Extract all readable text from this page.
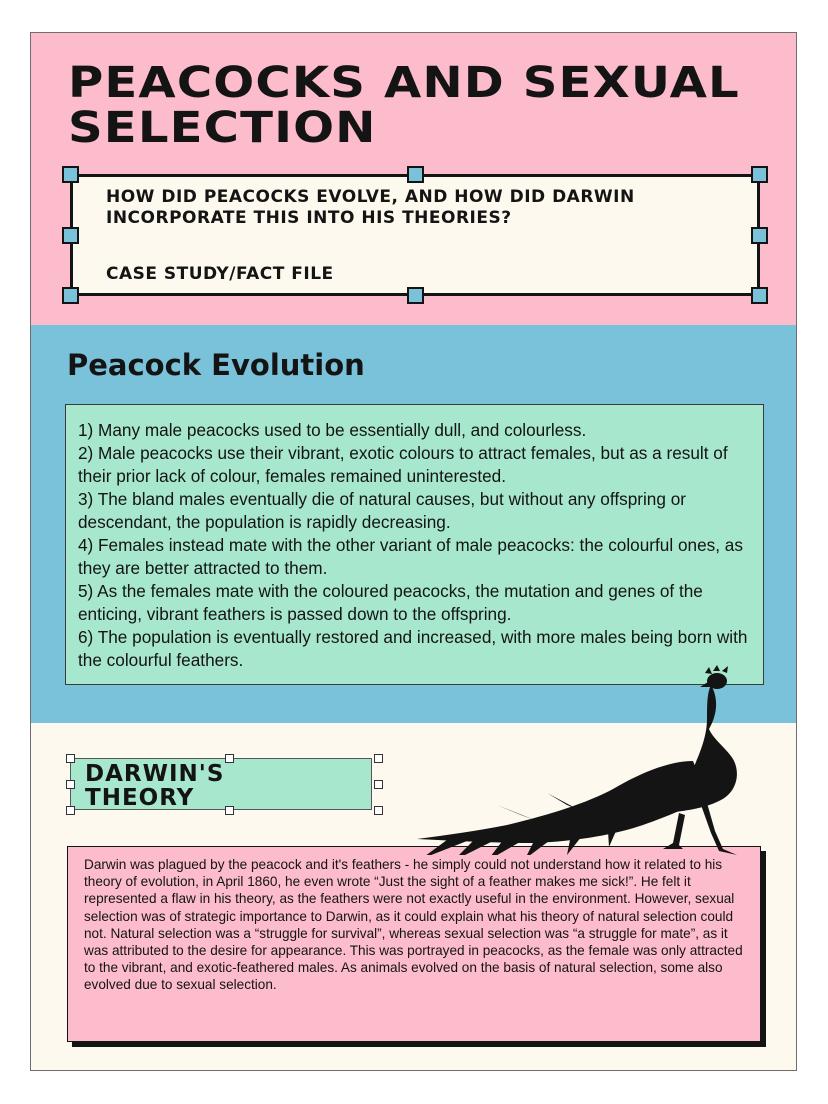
PEACOCKS AND SEXUAL SELECTION

HOW DID PEACOCKS EVOLVE, AND HOW DID DARWIN INCORPORATE THIS INTO HIS THEORIES?

CASE STUDY/FACT FILE

Peacock Evolution

1) Many male peacocks used to be essentially dull, and colourless.

2) Male peacocks use their vibrant, exotic colours to attract females, but as a result of their prior lack of colour, females remained uninterested.

3) The bland males eventually die of natural causes, but without any offspring or descendant, the population is rapidly decreasing.

4) Females instead mate with the other variant of male peacocks: the colourful ones, as they are better attracted to them.

5) As the females mate with the coloured peacocks, the mutation and genes of the enticing, vibrant feathers is passed down to the offspring.

6) The population is eventually restored and increased, with more males being born with the colourful feathers.

DARWIN'S THEORY
Darwin was plagued by the peacock and it's feathers - he simply could not understand how it related to his theory of evolution, in April 1860, he even wrote “Just the sight of a feather makes me sick!”. He felt it represented a flaw in his theory, as the feathers were not exactly useful in the environment. However, sexual selection was of strategic importance to Darwin, as it could explain what his theory of natural selection could not. Natural selection was a “struggle for survival”, whereas sexual selection was “a struggle for mate”, as it was attributed to the desire for appearance. This was portrayed in peacocks, as the female was only attracted to the vibrant, and exotic-feathered males. As animals evolved on the basis of natural selection, some also evolved due to sexual selection.
